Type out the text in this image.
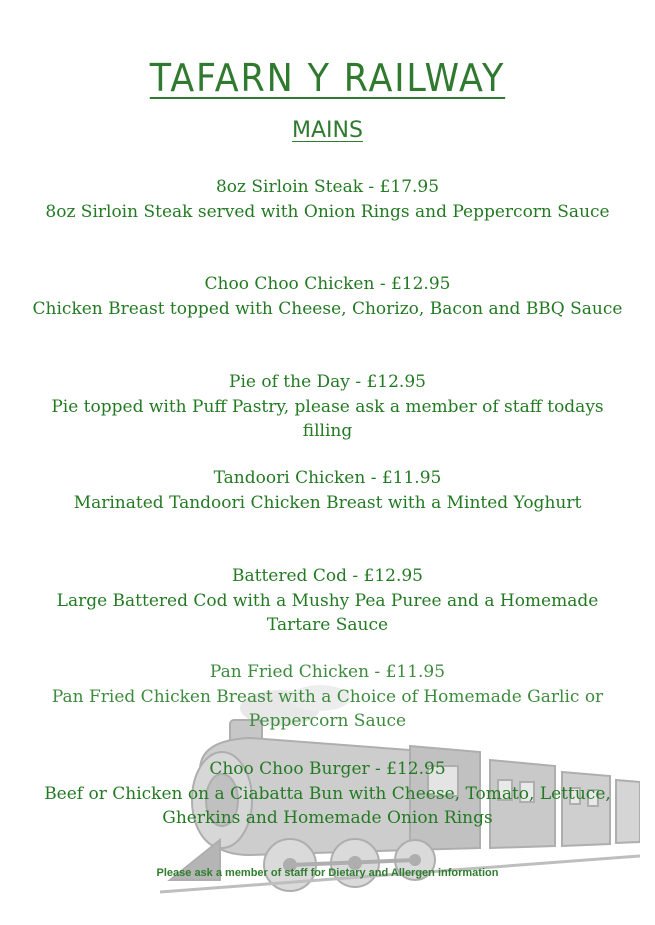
TAFARN Y RAILWAY
MAINS
8oz Sirloin Steak - £17.95
8oz Sirloin Steak served with Onion Rings and Peppercorn Sauce
Choo Choo Chicken - £12.95
Chicken Breast topped with Cheese, Chorizo, Bacon and BBQ Sauce
Pie of the Day - £12.95
Pie topped with Puff Pastry, please ask a member of staff todays filling
Tandoori Chicken - £11.95
Marinated Tandoori Chicken Breast with a Minted Yoghurt
Battered Cod - £12.95
Large Battered Cod with a Mushy Pea Puree and a Homemade Tartare Sauce
Pan Fried Chicken - £11.95
Pan Fried Chicken Breast with a Choice of Homemade Garlic or Peppercorn Sauce
Choo Choo Burger - £12.95
Beef or Chicken on a Ciabatta Bun with Cheese, Tomato, Lettuce, Gherkins and Homemade Onion Rings
Please ask a member of staff for Dietary and Allergen information
